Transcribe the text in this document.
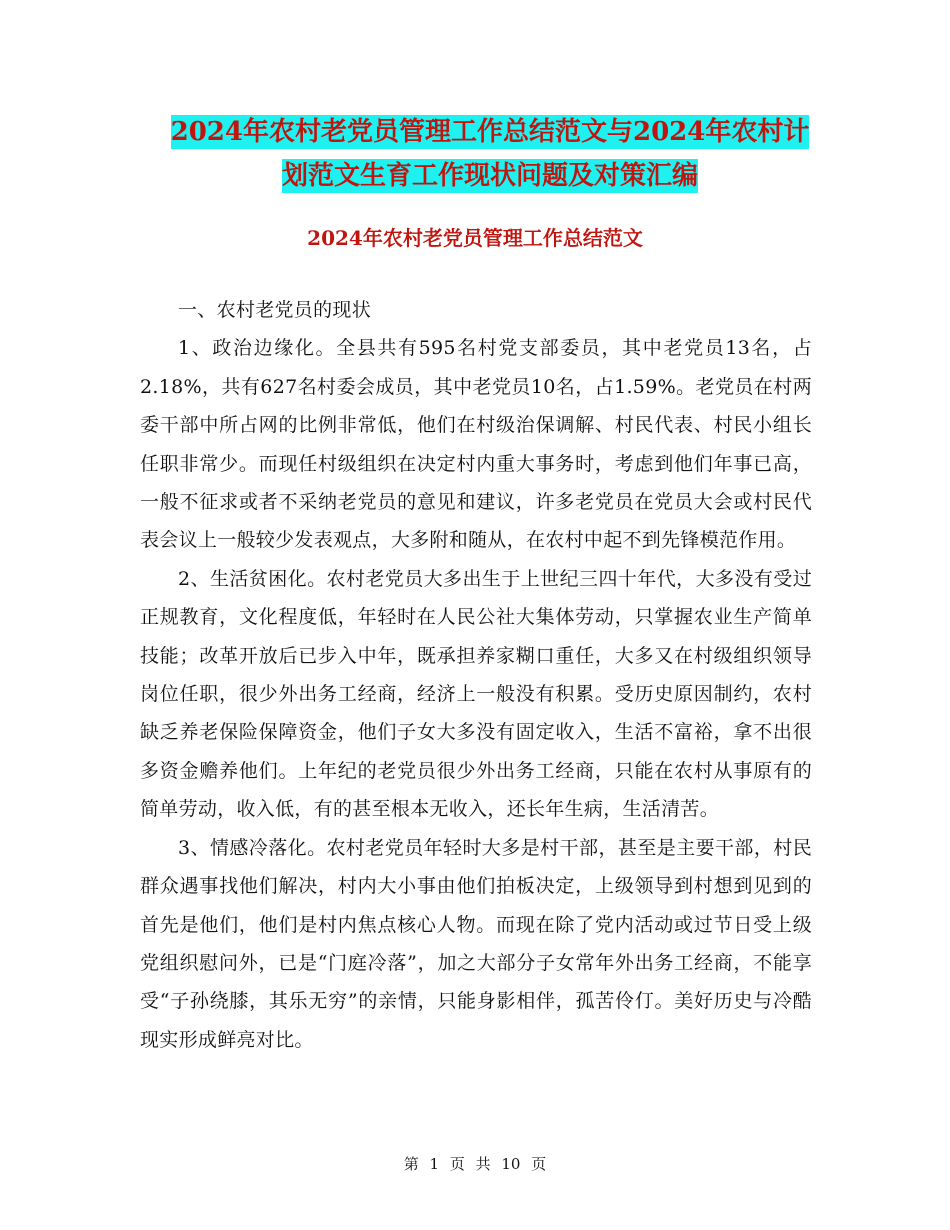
2024年农村老党员管理工作总结范文与2024年农村计
划范文生育工作现状问题及对策汇编
2024年农村老党员管理工作总结范文

一、农村老党员的现状

1、政治边缘化。全县共有595名村党支部委员，其中老党员13名，占2.18%，共有627名村委会成员，其中老党员10名，占1.59%。老党员在村两委干部中所占网的比例非常低，他们在村级治保调解、村民代表、村民小组长任职非常少。而现任村级组织在决定村内重大事务时，考虑到他们年事已高，一般不征求或者不采纳老党员的意见和建议，许多老党员在党员大会或村民代表会议上一般较少发表观点，大多附和随从，在农村中起不到先锋模范作用。

2、生活贫困化。农村老党员大多出生于上世纪三四十年代，大多没有受过正规教育，文化程度低，年轻时在人民公社大集体劳动，只掌握农业生产简单技能；改革开放后已步入中年，既承担养家糊口重任，大多又在村级组织领导岗位任职，很少外出务工经商，经济上一般没有积累。受历史原因制约，农村缺乏养老保险保障资金，他们子女大多没有固定收入，生活不富裕，拿不出很多资金赡养他们。上年纪的老党员很少外出务工经商，只能在农村从事原有的简单劳动，收入低，有的甚至根本无收入，还长年生病，生活清苦。

3、情感冷落化。农村老党员年轻时大多是村干部，甚至是主要干部，村民群众遇事找他们解决，村内大小事由他们拍板决定，上级领导到村想到见到的首先是他们，他们是村内焦点核心人物。而现在除了党内活动或过节日受上级党组织慰问外，已是“门庭冷落”，加之大部分子女常年外出务工经商，不能享受“子孙绕膝，其乐无穷”的亲情，只能身影相伴，孤苦伶仃。美好历史与冷酷现实形成鲜亮对比。

第 1 页 共 10 页
